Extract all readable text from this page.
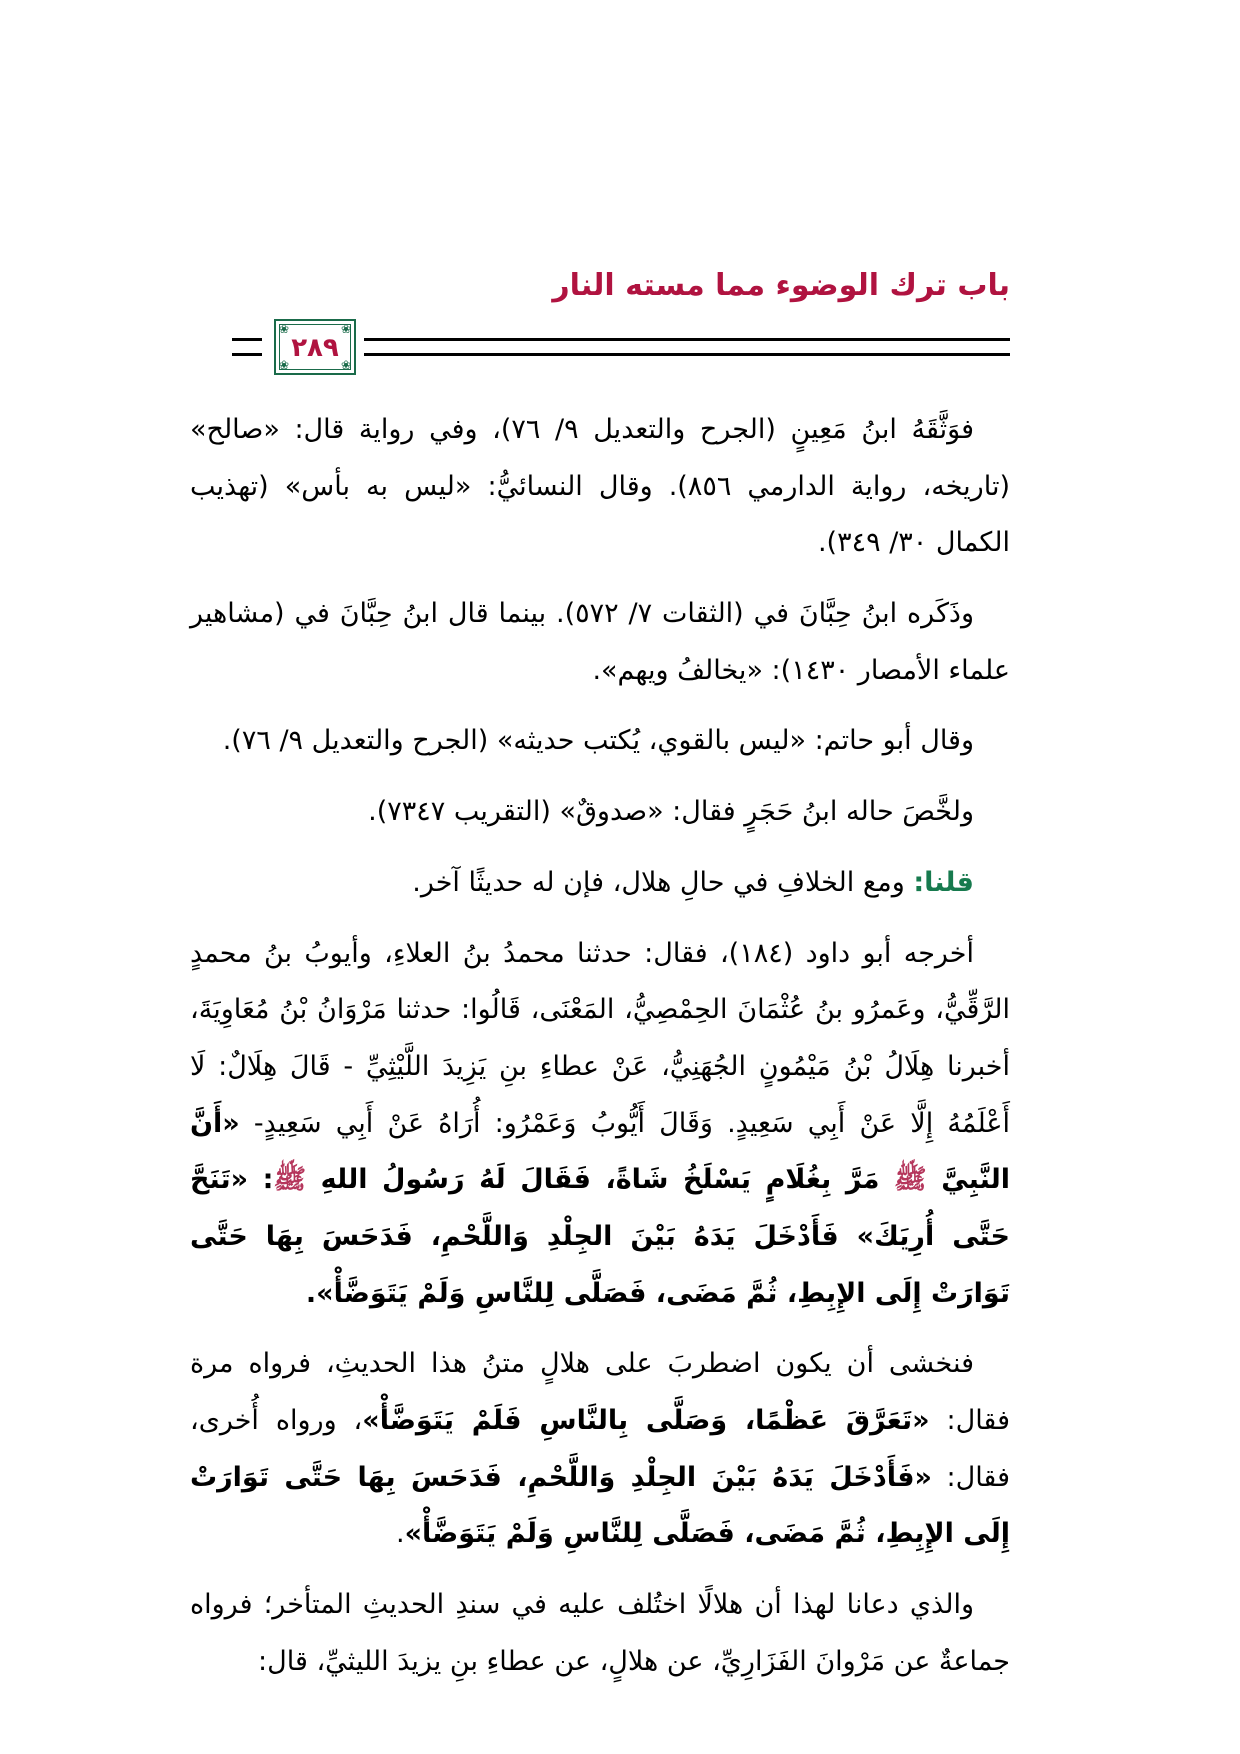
باب ترك الوضوء مما مسته النار
❀	❀
❀	❀
٢٨٩

فوَثَّقَهُ ابنُ مَعِينٍ (الجرح والتعديل ٩/ ٧٦)، وفي رواية قال: «صالح» (تاريخه، رواية الدارمي ٨٥٦). وقال النسائيُّ: «ليس به بأس» (تهذيب الكمال ٣٠/ ٣٤٩).

وذَكَره ابنُ حِبَّانَ في (الثقات ٧/ ٥٧٢). بينما قال ابنُ حِبَّانَ في (مشاهير علماء الأمصار ١٤٣٠): «يخالفُ ويهم».

وقال أبو حاتم: «ليس بالقوي، يُكتب حديثه» (الجرح والتعديل ٩/ ٧٦).

ولخَّصَ حاله ابنُ حَجَرٍ فقال: «صدوقٌ» (التقريب ٧٣٤٧).

قلنا: ومع الخلافِ في حالِ هلال، فإن له حديثًا آخر.

أخرجه أبو داود (١٨٤)، فقال: حدثنا محمدُ بنُ العلاءِ، وأيوبُ بنُ محمدٍ الرَّقِّيُّ، وعَمرُو بنُ عُثْمَانَ الحِمْصِيُّ، المَعْنَى، قَالُوا: حدثنا مَرْوَانُ بْنُ مُعَاوِيَةَ، أخبرنا هِلَالُ بْنُ مَيْمُونٍ الجُهَنِيُّ، عَنْ عطاءِ بنِ يَزِيدَ اللَّيْثِيِّ - قَالَ هِلَالٌ: لَا أَعْلَمُهُ إِلَّا عَنْ أَبِي سَعِيدٍ. وَقَالَ أَيُّوبُ وَعَمْرُو: أُرَاهُ عَنْ أَبِي سَعِيدٍ- «أَنَّ النَّبِيَّ ﷺ مَرَّ بِغُلَامٍ يَسْلَخُ شَاةً، فَقَالَ لَهُ رَسُولُ اللهِ ﷺ: «تَنَحَّ حَتَّى أُرِيَكَ» فَأَدْخَلَ يَدَهُ بَيْنَ الجِلْدِ وَاللَّحْمِ، فَدَحَسَ بِهَا حَتَّى تَوَارَتْ إِلَى الإِبِطِ، ثُمَّ مَضَى، فَصَلَّى لِلنَّاسِ وَلَمْ يَتَوَضَّأْ».

فنخشى أن يكون اضطربَ على هلالٍ متنُ هذا الحديثِ، فرواه مرة فقال: «تَعَرَّقَ عَظْمًا، وَصَلَّى بِالنَّاسِ فَلَمْ يَتَوَضَّأْ»، ورواه أُخرى، فقال: «فَأَدْخَلَ يَدَهُ بَيْنَ الجِلْدِ وَاللَّحْمِ، فَدَحَسَ بِهَا حَتَّى تَوَارَتْ إِلَى الإِبِطِ، ثُمَّ مَضَى، فَصَلَّى لِلنَّاسِ وَلَمْ يَتَوَضَّأْ».

والذي دعانا لهذا أن هلالًا اختُلف عليه في سندِ الحديثِ المتأخر؛ فرواه جماعةٌ عن مَرْوانَ الفَزَارِيِّ، عن هلالٍ، عن عطاءِ بنِ يزيدَ الليثيِّ، قال:
